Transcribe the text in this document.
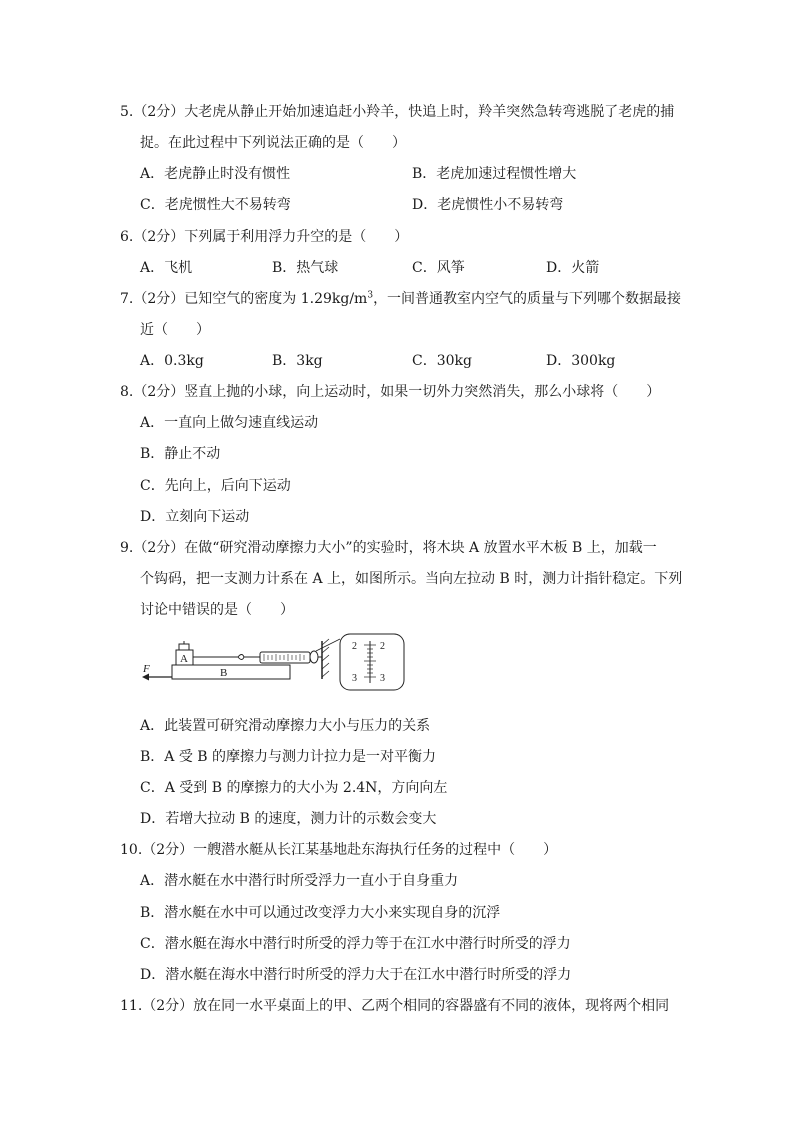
5.（2分）大老虎从静止开始加速追赶小羚羊，快追上时，羚羊突然急转弯逃脱了老虎的捕
捉。在此过程中下列说法正确的是（　　）
A．老虎静止时没有惯性	B．老虎加速过程惯性增大
C．老虎惯性大不易转弯	D．老虎惯性小不易转弯
6.（2分）下列属于利用浮力升空的是（　　）
A．飞机	B．热气球	C．风筝	D．火箭
7.（2分）已知空气的密度为 $1.29kg/m^3$，一间普通教室内空气的质量与下列哪个数据最接
近（　　）
A．0.3kg	B．3kg	C．30kg	D．300kg
8.（2分）竖直上抛的小球，向上运动时，如果一切外力突然消失，那么小球将（　　）
A．一直向上做匀速直线运动
B．静止不动
C．先向上，后向下运动
D．立刻向下运动
9.（2分）在做“研究滑动摩擦力大小”的实验时，将木块 A 放置水平木板 B 上，加载一
个钩码，把一支测力计系在 A 上，如图所示。当向左拉动 B 时，测力计指针稳定。下列
讨论中错误的是（　　）
B
F
A
2 2
3 3
A．此装置可研究滑动摩擦力大小与压力的关系
B．A 受 B 的摩擦力与测力计拉力是一对平衡力
C．A 受到 B 的摩擦力的大小为 2.4N，方向向左
D．若增大拉动 B 的速度，测力计的示数会变大
10.（2分）一艘潜水艇从长江某基地赴东海执行任务的过程中（　　）
A．潜水艇在水中潜行时所受浮力一直小于自身重力
B．潜水艇在水中可以通过改变浮力大小来实现自身的沉浮
C．潜水艇在海水中潜行时所受的浮力等于在江水中潜行时所受的浮力
D．潜水艇在海水中潜行时所受的浮力大于在江水中潜行时所受的浮力
11.（2分）放在同一水平桌面上的甲、乙两个相同的容器盛有不同的液体，现将两个相同
